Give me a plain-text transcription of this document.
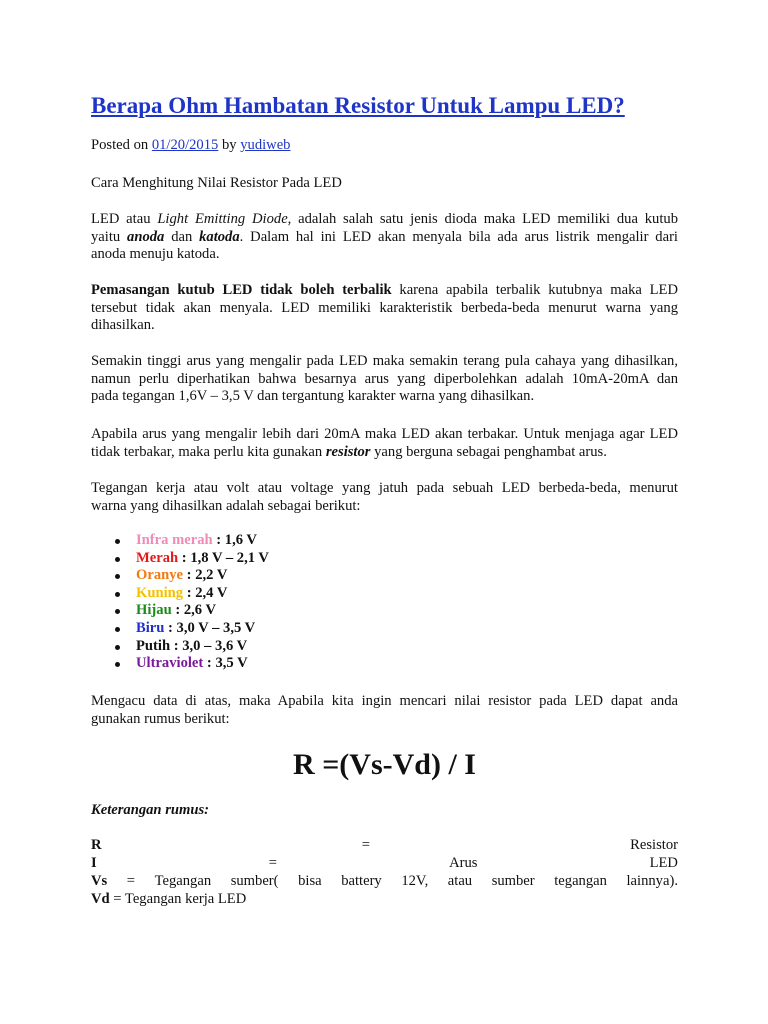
Berapa Ohm Hambatan Resistor Untuk Lampu LED?
Posted on 01/20/2015 by yudiweb
Cara Menghitung Nilai Resistor Pada LED
LED atau Light Emitting Diode, adalah salah satu jenis dioda maka LED memiliki dua kutub
yaitu anoda dan katoda. Dalam hal ini LED akan menyala bila ada arus listrik mengalir dari
anoda menuju katoda.
Pemasangan kutub LED tidak boleh terbalik karena apabila terbalik kutubnya maka LED
tersebut tidak akan menyala. LED memiliki karakteristik berbeda-beda menurut warna yang
dihasilkan.
Semakin tinggi arus yang mengalir pada LED maka semakin terang pula cahaya yang dihasilkan,
namun perlu diperhatikan bahwa besarnya arus yang diperbolehkan adalah 10mA-20mA dan
pada tegangan 1,6V – 3,5 V dan tergantung karakter warna yang dihasilkan.
Apabila arus yang mengalir lebih dari 20mA maka LED akan terbakar. Untuk menjaga agar LED
tidak terbakar, maka perlu kita gunakan resistor yang berguna sebagai penghambat arus.
Tegangan kerja atau volt atau voltage yang jatuh pada sebuah LED berbeda-beda, menurut
warna yang dihasilkan adalah sebagai berikut:
Infra merah : 1,6 V
Merah : 1,8 V – 2,1 V
Oranye : 2,2 V
Kuning : 2,4 V
Hijau : 2,6 V
Biru : 3,0 V – 3,5 V
Putih : 3,0 – 3,6 V
Ultraviolet : 3,5 V
Mengacu data di atas, maka Apabila kita ingin mencari nilai resistor pada LED dapat anda
gunakan rumus berikut:
R =(Vs-Vd) / I
Keterangan rumus:
R	=	Resistor
I	=	Arus	LED
Vs = Tegangan sumber( bisa battery 12V, atau sumber tegangan lainnya).
Vd = Tegangan kerja LED
